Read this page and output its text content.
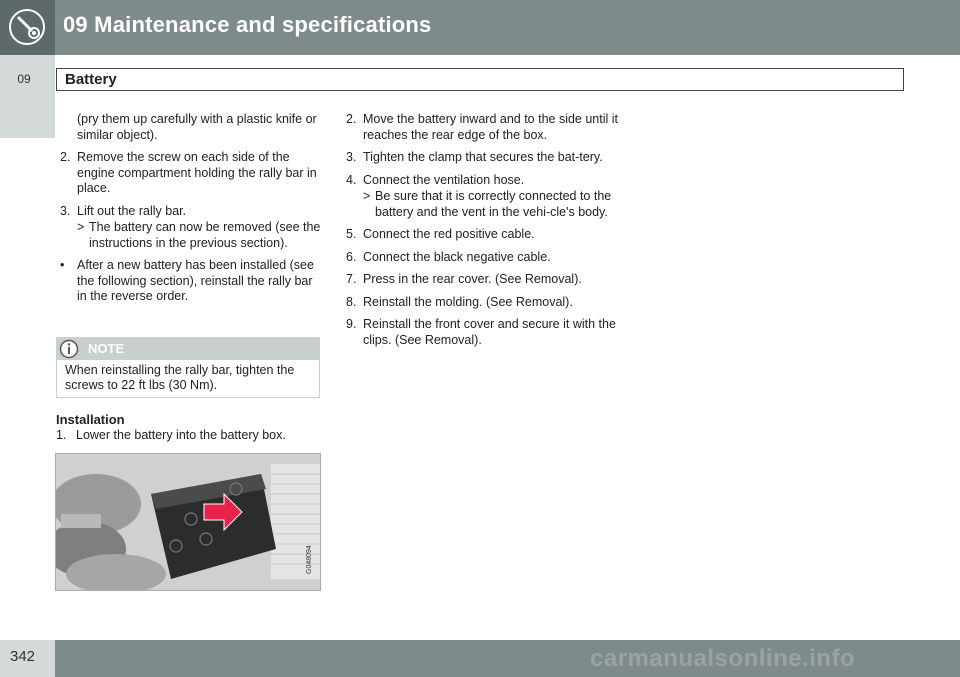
09 Maintenance and specifications
09	Battery
(pry them up carefully with a plastic knife or similar object).
2. Remove the screw on each side of the engine compartment holding the rally bar in place.
3. Lift out the rally bar.
> The battery can now be removed (see the instructions in the previous section).
• After a new battery has been installed (see the following section), reinstall the rally bar in the reverse order.
NOTE
When reinstalling the rally bar, tighten the screws to 22 ft lbs (30 Nm).
Installation
1. Lower the battery into the battery box.
G048094
2. Move the battery inward and to the side until it reaches the rear edge of the box.
3. Tighten the clamp that secures the bat-tery.
4. Connect the ventilation hose.
> Be sure that it is correctly connected to the battery and the vent in the vehi-cle's body.
5. Connect the red positive cable.
6. Connect the black negative cable.
7. Press in the rear cover. (See Removal).
8. Reinstall the molding. (See Removal).
9. Reinstall the front cover and secure it with the clips. (See Removal).
342	carmanualsonline.info
